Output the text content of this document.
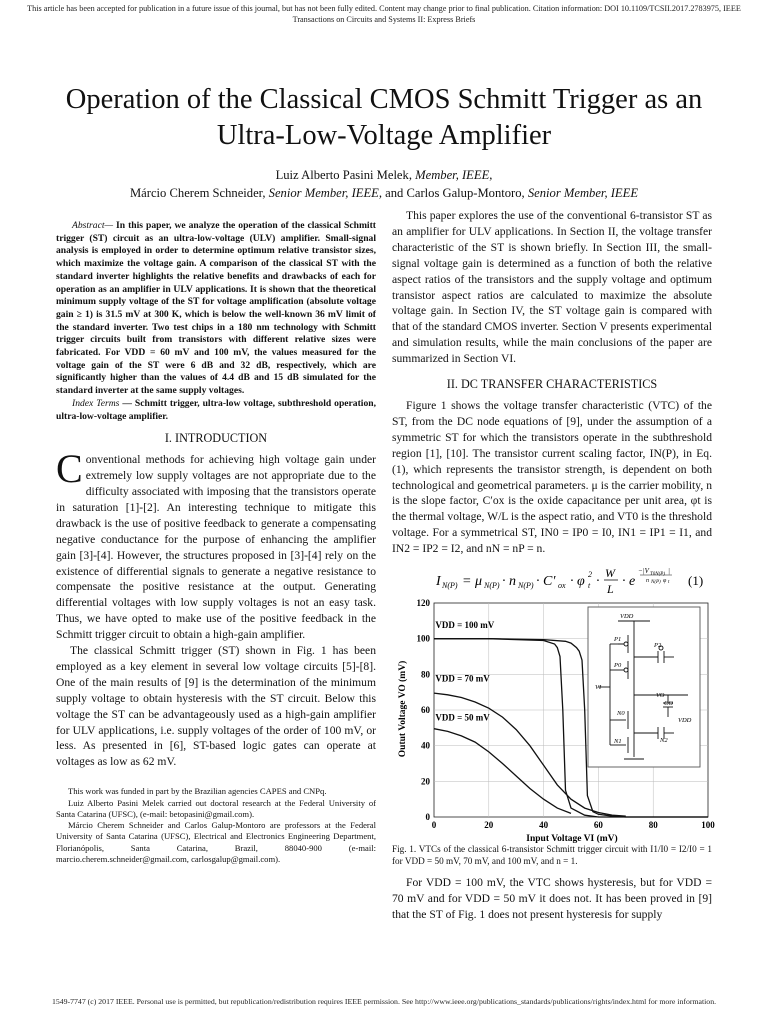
This article has been accepted for publication in a future issue of this journal, but has not been fully edited. Content may change prior to final publication. Citation information: DOI 10.1109/TCSII.2017.2783975, IEEE Transactions on Circuits and Systems II: Express Briefs
Operation of the Classical CMOS Schmitt Trigger as an Ultra-Low-Voltage Amplifier
Luiz Alberto Pasini Melek, Member, IEEE,
Márcio Cherem Schneider, Senior Member, IEEE, and Carlos Galup-Montoro, Senior Member, IEEE

Abstract— In this paper, we analyze the operation of the classical Schmitt trigger (ST) circuit as an ultra-low-voltage (ULV) amplifier. Small-signal analysis is employed in order to determine optimum relative transistor sizes, which maximize the voltage gain. A comparison of the classical ST with the standard inverter highlights the relative benefits and drawbacks of each for operation as an amplifier in ULV applications. It is shown that the theoretical minimum supply voltage of the ST for voltage amplification (absolute voltage gain ≥ 1) is 31.5 mV at 300 K, which is below the well-known 36 mV limit of the standard inverter. Two test chips in a 180 nm technology with Schmitt trigger circuits built from transistors with different relative sizes were fabricated. For VDD = 60 mV and 100 mV, the values measured for the voltage gain of the ST were 6 dB and 32 dB, respectively, which are significantly higher than the values of 4.4 dB and 15 dB simulated for the standard inverter at the same supply voltages.

Index Terms — Schmitt trigger, ultra-low voltage, subthreshold operation, ultra-low-voltage amplifier.

I. INTRODUCTION

Conventional methods for achieving high voltage gain under extremely low supply voltages are not appropriate due to the difficulty associated with imposing that the transistors operate in saturation [1]-[2]. An interesting technique to mitigate this drawback is the use of positive feedback to generate a compensating negative conductance for the purpose of enhancing the amplifier gain [3]-[4]. However, the structures proposed in [3]-[4] rely on the existence of differential signals to generate a negative resistance to compensate the positive resistance at the output. Generating differential voltages with low supply voltages is not an easy task. Thus, we have opted to make use of the positive feedback in the Schmitt trigger circuit to obtain a high-gain amplifier.

The classical Schmitt trigger (ST) shown in Fig. 1 has been employed as a key element in several low voltage circuits [5]-[8]. One of the main results of [9] is the determination of the minimum supply voltage to obtain hysteresis with the ST circuit. Below this voltage the ST can be advantageously used as a high-gain amplifier for ULV applications, i.e. supply voltages of the order of 100 mV, or less. As presented in [6], ST-based logic gates can operate at voltages as low as 62 mV.

This work was funded in part by the Brazilian agencies CAPES and CNPq.

Luiz Alberto Pasini Melek carried out doctoral research at the Federal University of Santa Catarina (UFSC), (e-mail: betopasini@gmail.com).

Márcio Cherem Schneider and Carlos Galup-Montoro are professors at the Federal University of Santa Catarina (UFSC), Electrical and Electronics Engineering Department, Florianópolis, Santa Catarina, Brazil, 88040-900 (e-mail: marcio.cherem.schneider@gmail.com, carlosgalup@gmail.com).

This paper explores the use of the conventional 6-transistor ST as an amplifier for ULV applications. In Section II, the voltage transfer characteristic of the ST is shown briefly. In Section III, the small-signal voltage gain is determined as a function of both the relative aspect ratios of the transistors and the supply voltage and optimum transistor aspect ratios are calculated to maximize the absolute voltage gain. In Section IV, the ST voltage gain is compared with that of the standard CMOS inverter. Section V presents experimental and simulation results, while the main conclusions of the paper are summarized in Section VI.

II. DC TRANSFER CHARACTERISTICS

Figure 1 shows the voltage transfer characteristic (VTC) of the ST, from the DC node equations of [9], under the assumption of a symmetric ST for which the transistors operate in the subthreshold region [1], [10]. The transistor current scaling factor, IN(P), in Eq. (1), which represents the transistor strength, is dependent on both technological and geometrical parameters. μ is the carrier mobility, n is the slope factor, C′ox is the oxide capacitance per unit area, φt is the thermal voltage, W/L is the aspect ratio, and VT0 is the threshold voltage. For a symmetrical ST, IN0 = IP0 = I0, IN1 = IP1 = I1, and IN2 = IP2 = I2, and nN = nP = n.

I N(P) = μ N(P) · n N(P) · C′ ox · φ t
2 ·
W
L · e
−|V T0N(P) |
n N(P) φ t (1)
0	20	40	60	80	100
0
20
40
60
80
100
120
VDD = 100 mV
VDD = 70 mV
VDD = 50 mV
Outut Voltage VO (mV)
Input Voltage VI (mV)
VDD
P1
P2
P0
VI
VO
CO
N0
N1	N2
VDD
Fig. 1. VTCs of the classical 6-transistor Schmitt trigger circuit with I1/I0 = I2/I0 = 1 for VDD = 50 mV, 70 mV, and 100 mV, and n = 1.

For VDD = 100 mV, the VTC shows hysteresis, but for VDD = 70 mV and for VDD = 50 mV it does not. It has been proved in [9] that the ST of Fig. 1 does not present hysteresis for supply

1549-7747 (c) 2017 IEEE. Personal use is permitted, but republication/redistribution requires IEEE permission. See http://www.ieee.org/publications_standards/publications/rights/index.html for more information.
